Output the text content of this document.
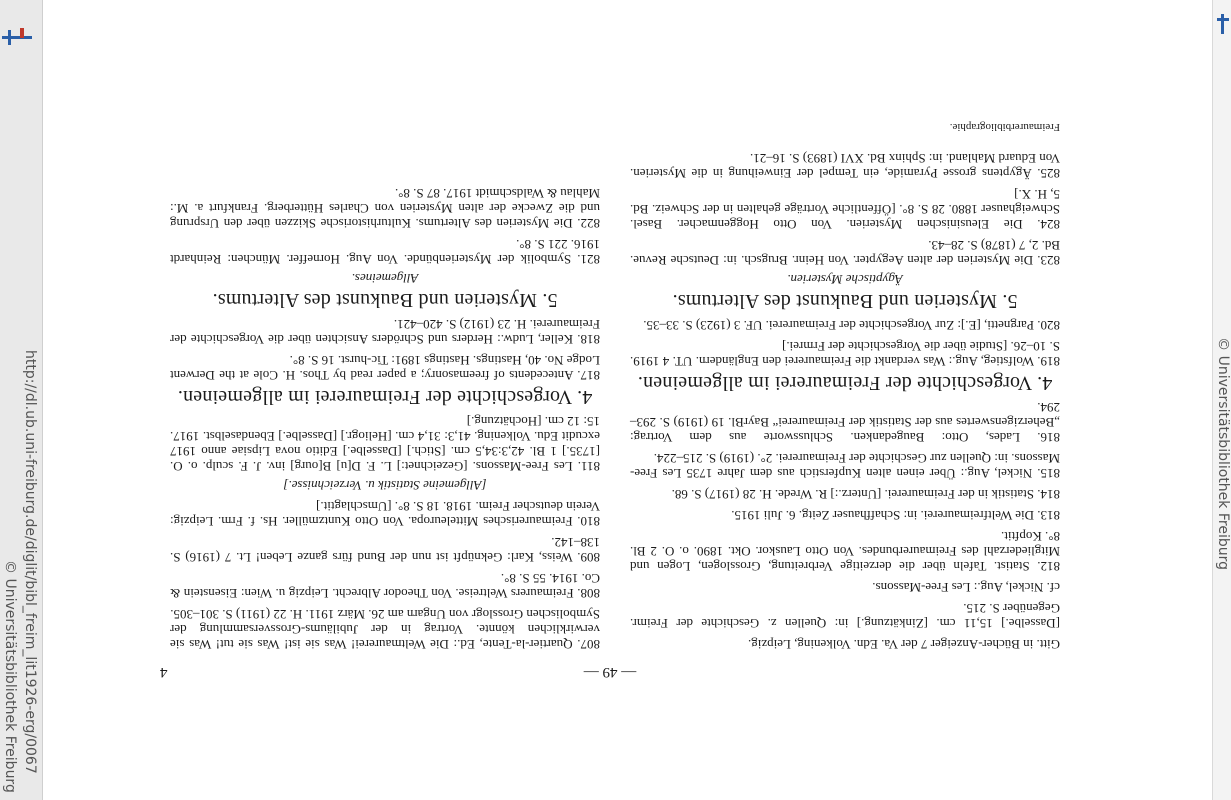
http://dl.ub.uni-freiburg.de/diglit/bibl_freim_lit1926-erg/0067
© Universitätsbibliothek Freiburg
© Universitätsbibliothek Freiburg
— 49 —
4
Gitt. in Bücher-Anzeiger 7 der Va. Edn. Volkening, Leipzig.
[Dasselbe.] 15,11 cm. [Zinkätzung.] in: Quellen z. Geschichte der Freimr. Gegenüber S. 215.
cf. Nickel, Aug.: Les Free-Massons.
812. Statist. Tafeln über die derzeitige Verbreitung, Grosslogen, Logen und Mitgliederzahl des Freimaurerbundes. Von Otto Lauskor. Okt. 1890. o. O. 2 Bl. 8°. Kopftit.
813. Die Weltfreimaurerei. in: Schaffhauser Zeitg. 6. Juli 1915.
814. Statistik in der Freimaurerei. [Unterz.:] R. Wrede. H. 28 (1917) S. 68.
815. Nickel, Aug.: Über einen alten Kupferstich aus dem Jahre 1735 Les Free-Massons. in: Quellen zur Geschichte der Freimaurerei. 2°. (1919) S. 215–224.
816. Lades, Otto: Baugedanken. Schlussworte aus dem Vortrag: „Beherzigenswertes aus der Statistik der Freimaurerei“ BayrBl. 19 (1919) S. 293–294.
4. Vorgeschichte der Freimaurerei im allgemeinen.
819. Wolfstieg, Aug.: Was verdankt die Freimaurerei den Engländern. UT. 4 1919. S. 10–26. [Studie über die Vorgeschichte der Frmrei.]
820. Pargnetti, [E.]: Zur Vorgeschichte der Freimaurerei. UF. 3 (1923) S. 33–35.
5. Mysterien und Baukunst des Altertums.
Ägyptische Mysterien.
823. Die Mysterien der alten Aegypter. Von Heinr. Brugsch. in: Deutsche Revue. Bd. 2, 7 (1878) S. 28–43.
824. Die Eleusinischen Mysterien. Von Otto Hoggenmacher. Basel. Schweighauser 1880. 28 S. 8°. [Öffentliche Vorträge gehalten in der Schweiz. Bd. 5, H. X.]
825. Ägyptens grosse Pyramide, ein Tempel der Einweihung in die Mysterien. Von Eduard Mahland. in: Sphinx Bd. XVI (1893) S. 16–21.
807. Quartier-la-Tente, Ed.: Die Weltmaurerei! Was sie ist! Was sie tut! Was sie verwirklichen könnte. Vortrag in der Jubiläums-Grossversammlung der Symbolischen Grosslogr von Ungarn am 26. März 1911. H. 22 (1911) S. 301–305.
808. Freimaurers Weltreise. Von Theodor Albrecht. Leipzig u. Wien: Eisenstein & Co. 1914. 55 S. 8°.
809. Weiss, Karl: Geknüpft ist nun der Bund fürs ganze Leben! Lt. 7 (1916) S. 138–142.
810. Freimaurerisches Mitteleuropa. Von Otto Kuntzmüller. Hs. f. Frm. Leipzig: Verein deutscher Freim. 1918. 18 S. 8°. [Umschlagtit.]
[Allgemeine Statistik u. Verzeichnisse.]
811. Les Free-Massons. [Gezeichnet:] L. F. D[u] B[ourg] inv. J. F. sculp. o. O. [1735.] 1 Bl. 42,3:34,5 cm. [Stich.] [Dasselbe.] Editio nova Lipsiae anno 1917 excudit Edu. Volkening. 41,3: 31,4 cm. [Heliogr.] [Dasselbe.] Ebendaselbst. 1917. 15: 12 cm. [Hochätzung.]
4. Vorgeschichte der Freimaurerei im allgemeinen.
817. Antecedents of freemasonry; a paper read by Thos. H. Cole at the Derwent Lodge No. 40, Hastings. Hastings 1891: Tic-hurst. 16 S. 8°.
818. Keller, Ludw.: Herders und Schröders Ansichten über die Vorgeschichte der Freimaurerei. H. 23 (1912) S. 420–421.
5. Mysterien und Baukunst des Altertums.
Allgemeines.
821. Symbolik der Mysterienbünde. Von Aug. Horneffer. München: Reinhardt 1916. 221 S. 8°.
822. Die Mysterien des Altertums. Kulturhistorische Skizzen über den Ursprung und die Zwecke der alten Mysterien von Charles Hütterberg. Frankfurt a. M.: Mahlau & Waldschmidt 1917. 87 S. 8°.
Freimaurerbibliographie.
